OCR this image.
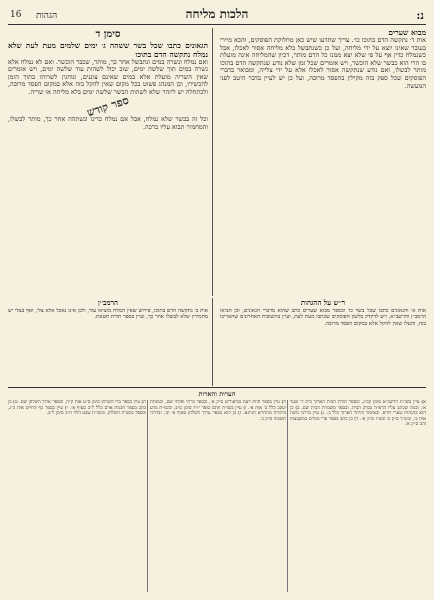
נ:
הלכות מליחה
הגהות
16

מבוא שערים

אות ד׳ נתקשה הדם בתוכו כו׳. צריך שתדעו שיש כאן מחלוקת הפוסקים, והכא מיירי בעובר שאינו יוצא על ידי מליחה, ועל כן כשנתבשל בלא מליחה אסור לאכלו, אבל כשנמלח כדין אף על פי שלא יצא ממנו כל הדם מותר, דכיון שהמליחה אינה מועלת בו הרי הוא כבשר שלא הוכשר, ויש אומרים שכל זמן שלא נודע שנתקשה הדם בתוכו מותר לבשלו, ואם נודע שנתקשה אסור לאכלו אלא על ידי צלייה, ומבואר בדברי הפוסקים שכל ספק בזה מקילין בהפסד מרובה, ועל כן יש לעיין בדבר היטב לפני המעשה.

סימן ד

הגאונים כתבו שכל בשר ששהה ג׳ ימים שלמים מעת לעת שלא נמלח נתקשה הדם בתוכו

ואם נמלח ונשרה במים ונתבשל אחר כך, מותר, שכבר הוכשר. ואם לא נמלח אלא נשרה במים תוך שלשה ימים, שוב יכול לשהות עוד שלשה ימים, ויש אומרים שאין השריה מועלת אלא במים שאינם צוננים, ונוהגין לשרותו בתוך הזמן להכשירו, וכן המנהג פשוט בכל מקום שאין להקל בזה אלא במקום הפסד מרובה, ולכתחלה יש ליזהר שלא לשהות הבשר שלשה ימים בלא מליחה או שריה.

ספר קודש

וכל זה בבשר שלא נמלח, אבל אם נמלח כדינו ונשתהה אחר כך, מותר לבשלו, והמחמיר תבוא עליו ברכה.

ר׳׳ש על ההגהות
הרמב׳׳ן
אות א׳ והגאונים כתבו שכל בשר כו׳ ובספר מבוא שערים כתב שהוא מדברי הגאונים, וכן הביאו הרמב״ן והרשב״א, ויש לדקדק בלשון הפוסקים שכתבו מעת לעת, ועיין בתשובות האחרונים שהאריכו בזה, והעלו שאין להקל אלא במקום הפסד מרובה.
אות ב׳ נתקשה הדם בתוכו, פירוש שאין המלח מוציאו עוד, ולכן אינו נאכל אלא צלי, ואף בצלי יש מחמירין שלא לבשלו אחר כך, ועיין בספר תורת חטאת.
הערות והארות
א) עיין בשו״ת הרשב״א סימן קכ״ג, ובספר תורת הבית הארוך בית ד׳ שער א׳, ובמה שכתב עליו הרא״ה בבדק הבית, ובספר משמרת הבית שם. ב) כן הוא בהגהות שערי דורא, ובאיסור והיתר הארוך כלל ב׳. ג) עיין בדרכי משה אות ב׳, ובש״ך ס״ק ב׳ ובט״ז ס״ק א׳. ד) כן כתב בספר פרי מגדים במשבצות זהב ס״ק א׳.
ה) עיין בספר חוות דעת בביאורים ס״ק א׳, ובספר כרתי ופלתי שם, ובמנחת יעקב כלל ב׳ אות א׳. ו) עיין בשו״ת חתם סופר יו״ד סימן ס״ב, ובשו״ת נודע ביהודה מהדורא תניינא. ז) כן הוא בספר ערוך השלחן סעיף א׳ וב׳, ובדרכי תשובה ס״ק ב׳.
ח) עיין בספר בדי השלחן סימן ס״ט אות ק״ה, ובספר ארוך השלחן שם. ט) כן כתב בספר חכמת אדם כלל ל״ב סעיף א׳. י) עיין בספר כף החיים אות כ״ג, ובספר מסגרת השלחן, ובשו״ת שבט הלוי ח״ב סימן ל״ב.
